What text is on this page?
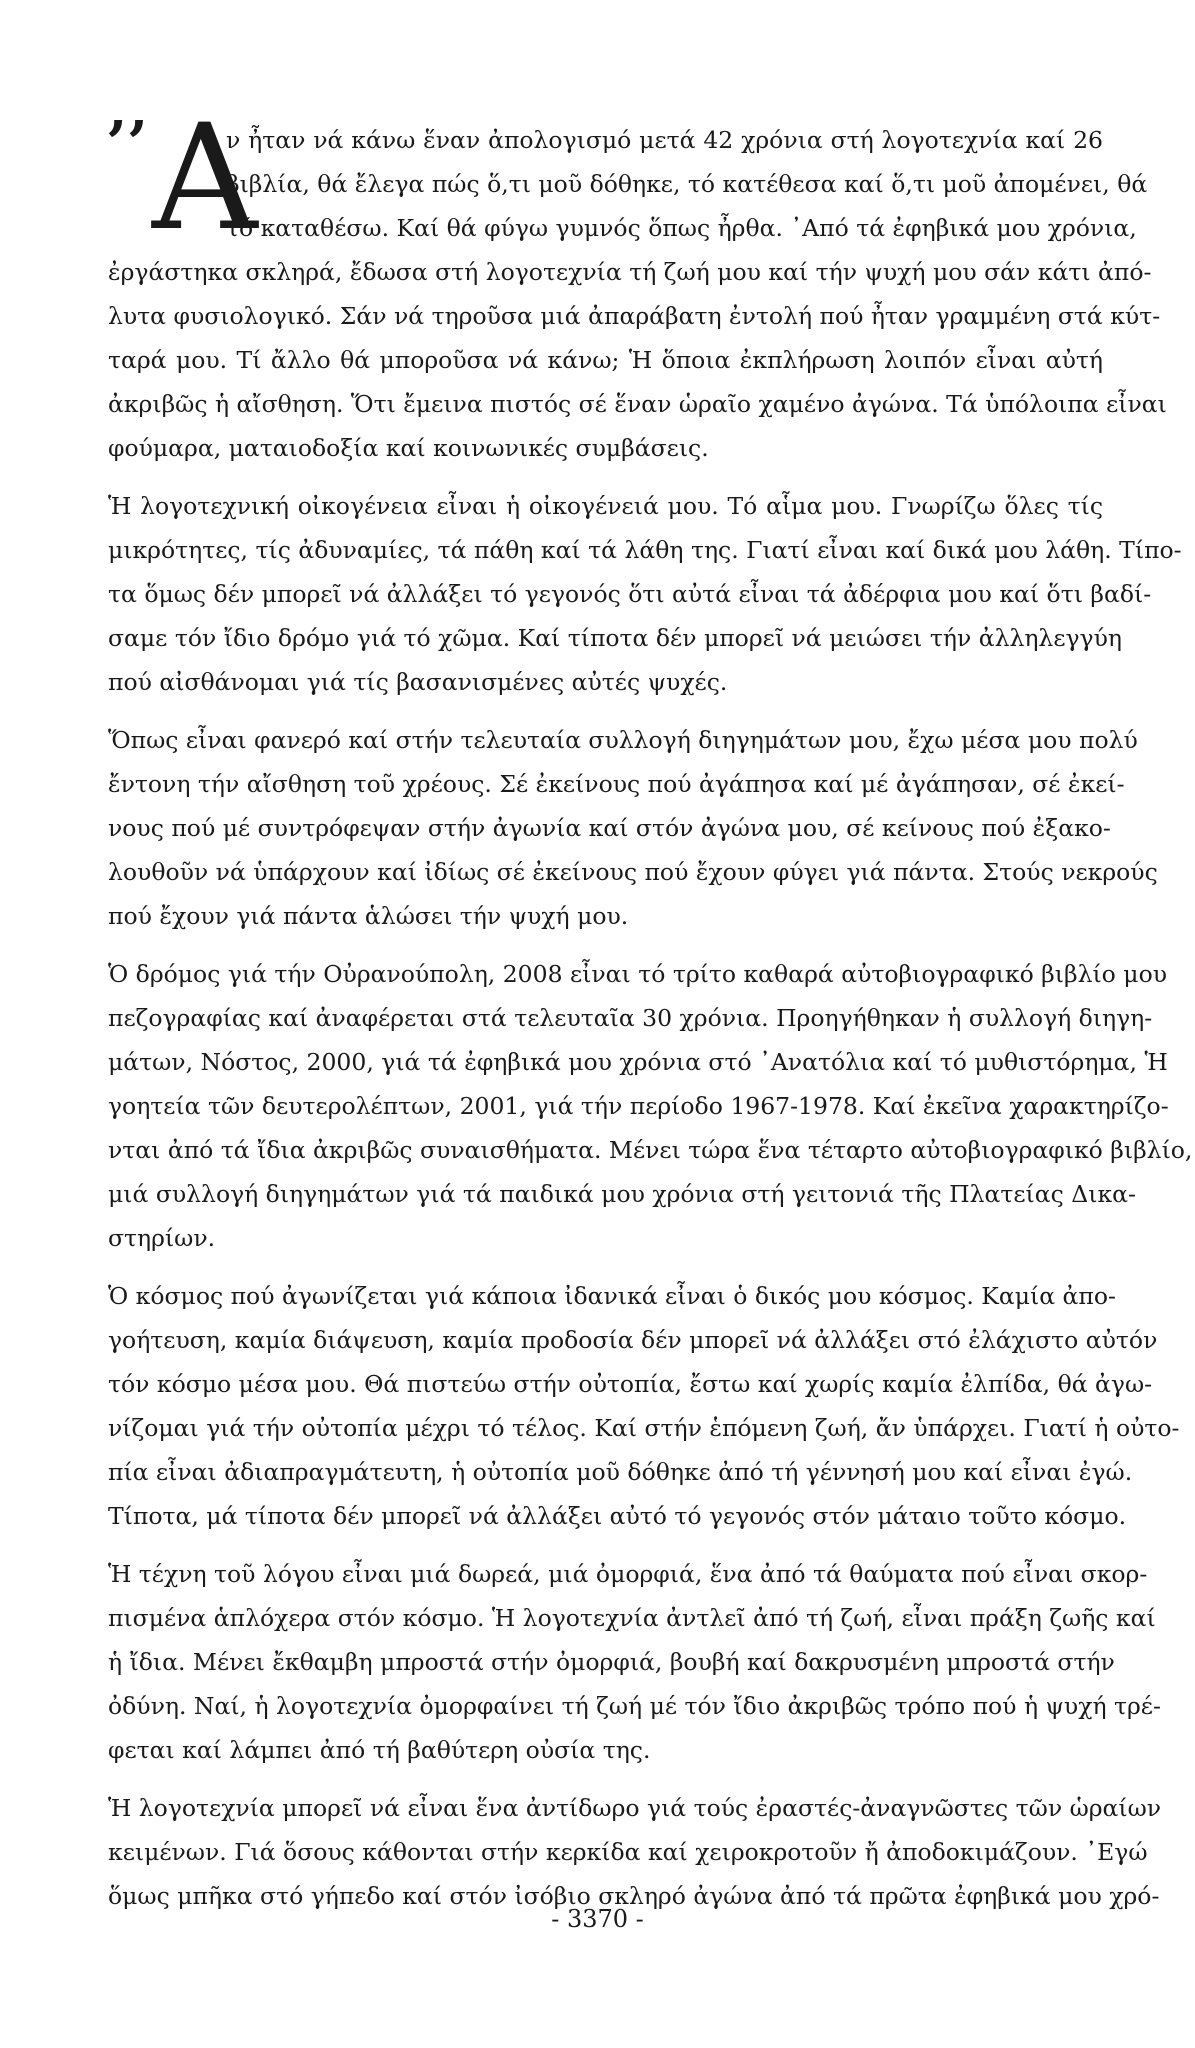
’’ Α
ν ἦταν νά κάνω ἕναν ἀπολογισμό μετά 42 χρόνια στή λογοτεχνία καί 26
βιβλία, θά ἔλεγα πώς ὅ,τι μοῦ δόθηκε, τό κατέθεσα καί ὅ,τι μοῦ ἀπομένει, θά
τό καταθέσω. Καί θά φύγω γυμνός ὅπως ἦρθα. ᾿Από τά ἐφηβικά μου χρόνια,
ἐργάστηκα σκληρά, ἔδωσα στή λογοτεχνία τή ζωή μου καί τήν ψυχή μου σάν κάτι ἀπό-
λυτα φυσιολογικό. Σάν νά τηροῦσα μιά ἀπαράβατη ἐντολή πού ἦταν γραμμένη στά κύτ-
ταρά μου. Τί ἄλλο θά μποροῦσα νά κάνω; Ἡ ὅποια ἐκπλήρωση λοιπόν εἶναι αὐτή
ἀκριβῶς ἡ αἴσθηση. Ὅτι ἔμεινα πιστός σέ ἕναν ὡραῖο χαμένο ἀγώνα. Τά ὑπόλοιπα εἶναι
φούμαρα, ματαιοδοξία καί κοινωνικές συμβάσεις.
Ἡ λογοτεχνική οἰκογένεια εἶναι ἡ οἰκογένειά μου. Τό αἷμα μου. Γνωρίζω ὅλες τίς
μικρότητες, τίς ἀδυναμίες, τά πάθη καί τά λάθη της. Γιατί εἶναι καί δικά μου λάθη. Τίπο-
τα ὅμως δέν μπορεῖ νά ἀλλάξει τό γεγονός ὅτι αὐτά εἶναι τά ἀδέρφια μου καί ὅτι βαδί-
σαμε τόν ἴδιο δρόμο γιά τό χῶμα. Καί τίποτα δέν μπορεῖ νά μειώσει τήν ἀλληλεγγύη
πού αἰσθάνομαι γιά τίς βασανισμένες αὐτές ψυχές.
Ὅπως εἶναι φανερό καί στήν τελευταία συλλογή διηγημάτων μου, ἔχω μέσα μου πολύ
ἔντονη τήν αἴσθηση τοῦ χρέους. Σέ ἐκείνους πού ἀγάπησα καί μέ ἀγάπησαν, σέ ἐκεί-
νους πού μέ συντρόφεψαν στήν ἀγωνία καί στόν ἀγώνα μου, σέ κείνους πού ἐξακο-
λουθοῦν νά ὑπάρχουν καί ἰδίως σέ ἐκείνους πού ἔχουν φύγει γιά πάντα. Στούς νεκρούς
πού ἔχουν γιά πάντα ἁλώσει τήν ψυχή μου.
Ὁ δρόμος γιά τήν Οὐρανούπολη, 2008 εἶναι τό τρίτο καθαρά αὐτοβιογραφικό βιβλίο μου
πεζογραφίας καί ἀναφέρεται στά τελευταῖα 30 χρόνια. Προηγήθηκαν ἡ συλλογή διηγη-
μάτων, Νόστος, 2000, γιά τά ἐφηβικά μου χρόνια στό ᾿Ανατόλια καί τό μυθιστόρημα, Ἡ
γοητεία τῶν δευτερολέπτων, 2001, γιά τήν περίοδο 1967-1978. Καί ἐκεῖνα χαρακτηρίζο-
νται ἀπό τά ἴδια ἀκριβῶς συναισθήματα. Μένει τώρα ἕνα τέταρτο αὐτοβιογραφικό βιβλίο,
μιά συλλογή διηγημάτων γιά τά παιδικά μου χρόνια στή γειτονιά τῆς Πλατείας Δικα-
στηρίων.
Ὁ κόσμος πού ἀγωνίζεται γιά κάποια ἰδανικά εἶναι ὁ δικός μου κόσμος. Καμία ἀπο-
γοήτευση, καμία διάψευση, καμία προδοσία δέν μπορεῖ νά ἀλλάξει στό ἐλάχιστο αὐτόν
τόν κόσμο μέσα μου. Θά πιστεύω στήν οὐτοπία, ἔστω καί χωρίς καμία ἐλπίδα, θά ἀγω-
νίζομαι γιά τήν οὐτοπία μέχρι τό τέλος. Καί στήν ἑπόμενη ζωή, ἄν ὑπάρχει. Γιατί ἡ οὐτο-
πία εἶναι ἀδιαπραγμάτευτη, ἡ οὐτοπία μοῦ δόθηκε ἀπό τή γέννησή μου καί εἶναι ἐγώ.
Τίποτα, μά τίποτα δέν μπορεῖ νά ἀλλάξει αὐτό τό γεγονός στόν μάταιο τοῦτο κόσμο.
Ἡ τέχνη τοῦ λόγου εἶναι μιά δωρεά, μιά ὀμορφιά, ἕνα ἀπό τά θαύματα πού εἶναι σκορ-
πισμένα ἁπλόχερα στόν κόσμο. Ἡ λογοτεχνία ἀντλεῖ ἀπό τή ζωή, εἶναι πράξη ζωῆς καί
ἡ ἴδια. Μένει ἔκθαμβη μπροστά στήν ὀμορφιά, βουβή καί δακρυσμένη μπροστά στήν
ὀδύνη. Ναί, ἡ λογοτεχνία ὀμορφαίνει τή ζωή μέ τόν ἴδιο ἀκριβῶς τρόπο πού ἡ ψυχή τρέ-
φεται καί λάμπει ἀπό τή βαθύτερη οὐσία της.
Ἡ λογοτεχνία μπορεῖ νά εἶναι ἕνα ἀντίδωρο γιά τούς ἐραστές-ἀναγνῶστες τῶν ὡραίων
κειμένων. Γιά ὅσους κάθονται στήν κερκίδα καί χειροκροτοῦν ἤ ἀποδοκιμάζουν. ᾿Εγώ
ὅμως μπῆκα στό γήπεδο καί στόν ἰσόβιο σκληρό ἀγώνα ἀπό τά πρῶτα ἐφηβικά μου χρό-
- 3370 -
